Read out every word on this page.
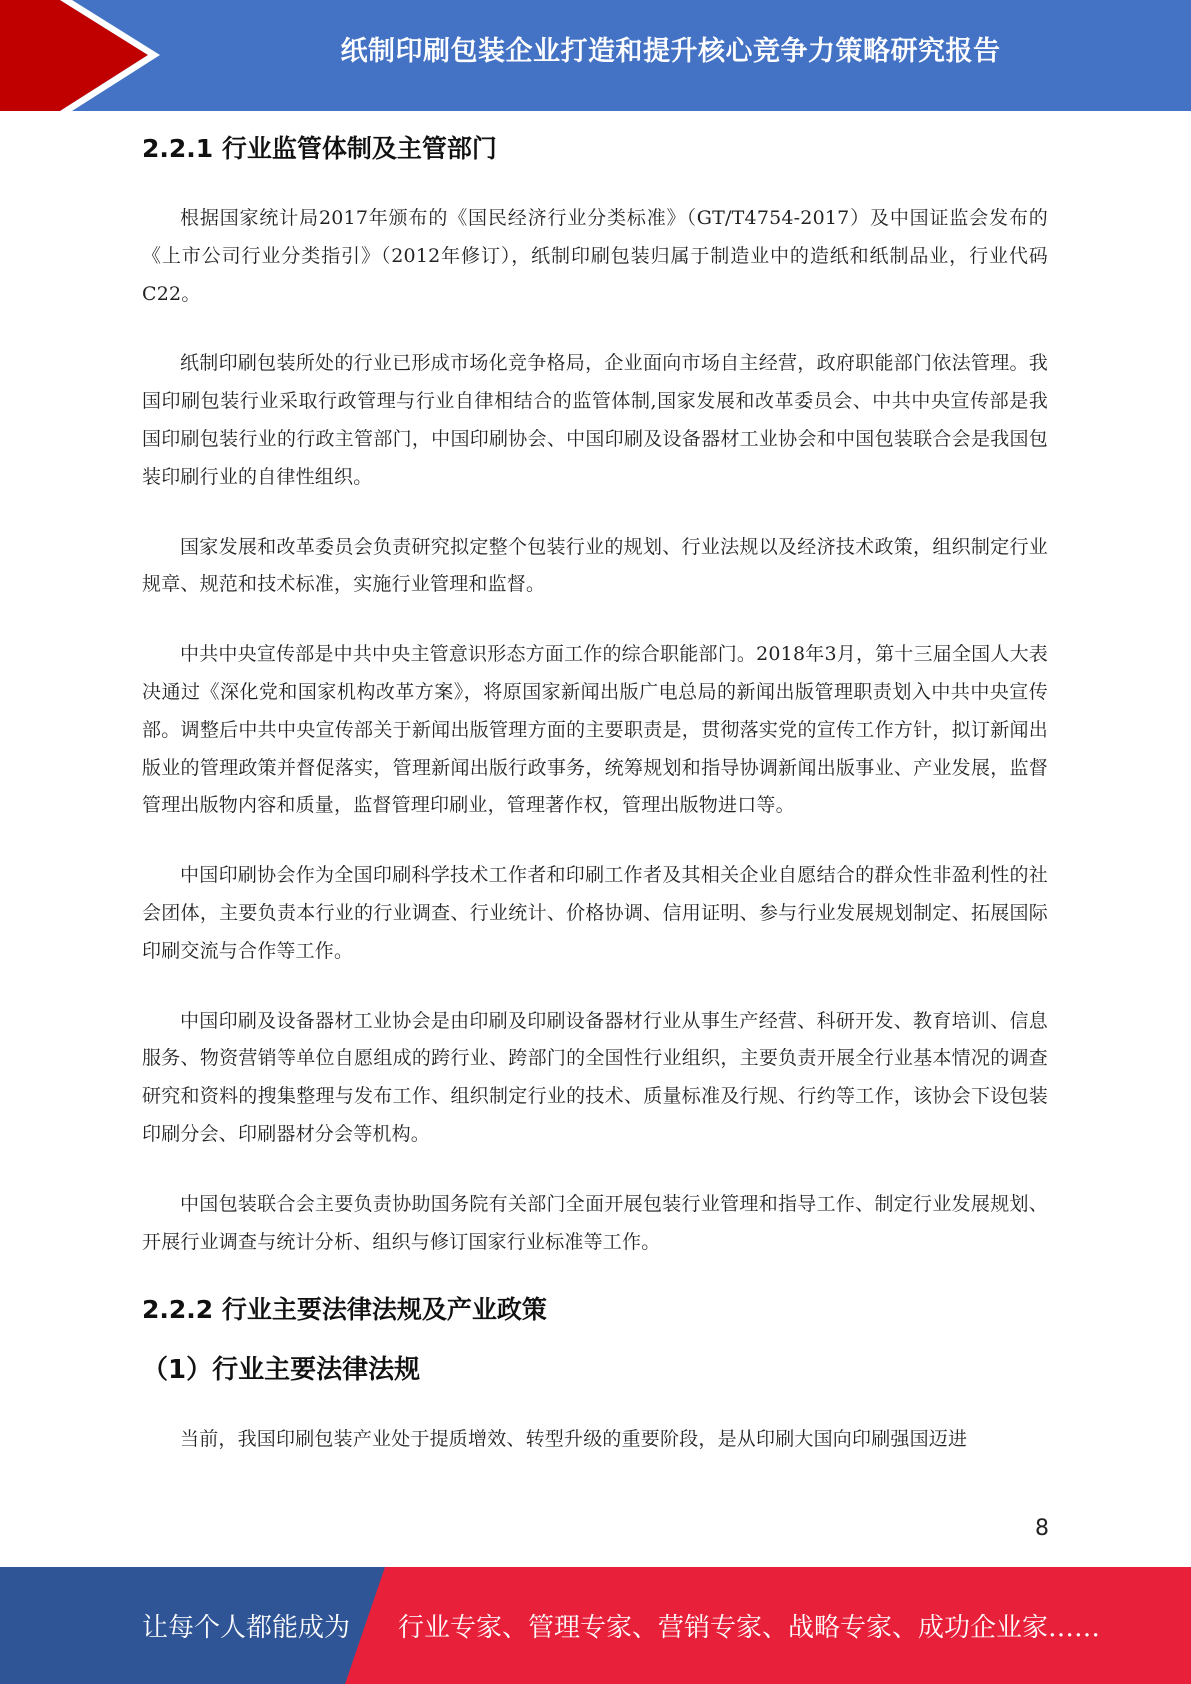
纸制印刷包装企业打造和提升核心竞争力策略研究报告
2.2.1 行业监管体制及主管部门

根据国家统计局2017年颁布的《国民经济行业分类标准》（GT/T4754-2017）及中国证监会发布的《上市公司行业分类指引》（2012年修订），纸制印刷包装归属于制造业中的造纸和纸制品业，行业代码C22。

纸制印刷包装所处的行业已形成市场化竞争格局，企业面向市场自主经营，政府职能部门依法管理。我国印刷包装行业采取行政管理与行业自律相结合的监管体制,国家发展和改革委员会、中共中央宣传部是我国印刷包装行业的行政主管部门，中国印刷协会、中国印刷及设备器材工业协会和中国包装联合会是我国包装印刷行业的自律性组织。

国家发展和改革委员会负责研究拟定整个包装行业的规划、行业法规以及经济技术政策，组织制定行业规章、规范和技术标准，实施行业管理和监督。

中共中央宣传部是中共中央主管意识形态方面工作的综合职能部门。2018年3月，第十三届全国人大表决通过《深化党和国家机构改革方案》，将原国家新闻出版广电总局的新闻出版管理职责划入中共中央宣传部。调整后中共中央宣传部关于新闻出版管理方面的主要职责是，贯彻落实党的宣传工作方针，拟订新闻出版业的管理政策并督促落实，管理新闻出版行政事务，统筹规划和指导协调新闻出版事业、产业发展，监督管理出版物内容和质量，监督管理印刷业，管理著作权，管理出版物进口等。

中国印刷协会作为全国印刷科学技术工作者和印刷工作者及其相关企业自愿结合的群众性非盈利性的社会团体，主要负责本行业的行业调查、行业统计、价格协调、信用证明、参与行业发展规划制定、拓展国际印刷交流与合作等工作。

中国印刷及设备器材工业协会是由印刷及印刷设备器材行业从事生产经营、科研开发、教育培训、信息服务、物资营销等单位自愿组成的跨行业、跨部门的全国性行业组织，主要负责开展全行业基本情况的调查研究和资料的搜集整理与发布工作、组织制定行业的技术、质量标准及行规、行约等工作，该协会下设包装印刷分会、印刷器材分会等机构。

中国包装联合会主要负责协助国务院有关部门全面开展包装行业管理和指导工作、制定行业发展规划、开展行业调查与统计分析、组织与修订国家行业标准等工作。

2.2.2 行业主要法律法规及产业政策
（1）行业主要法律法规

当前，我国印刷包装产业处于提质增效、转型升级的重要阶段，是从印刷大国向印刷强国迈进

8
让每个人都能成为 行业专家、管理专家、营销专家、战略专家、成功企业家……
